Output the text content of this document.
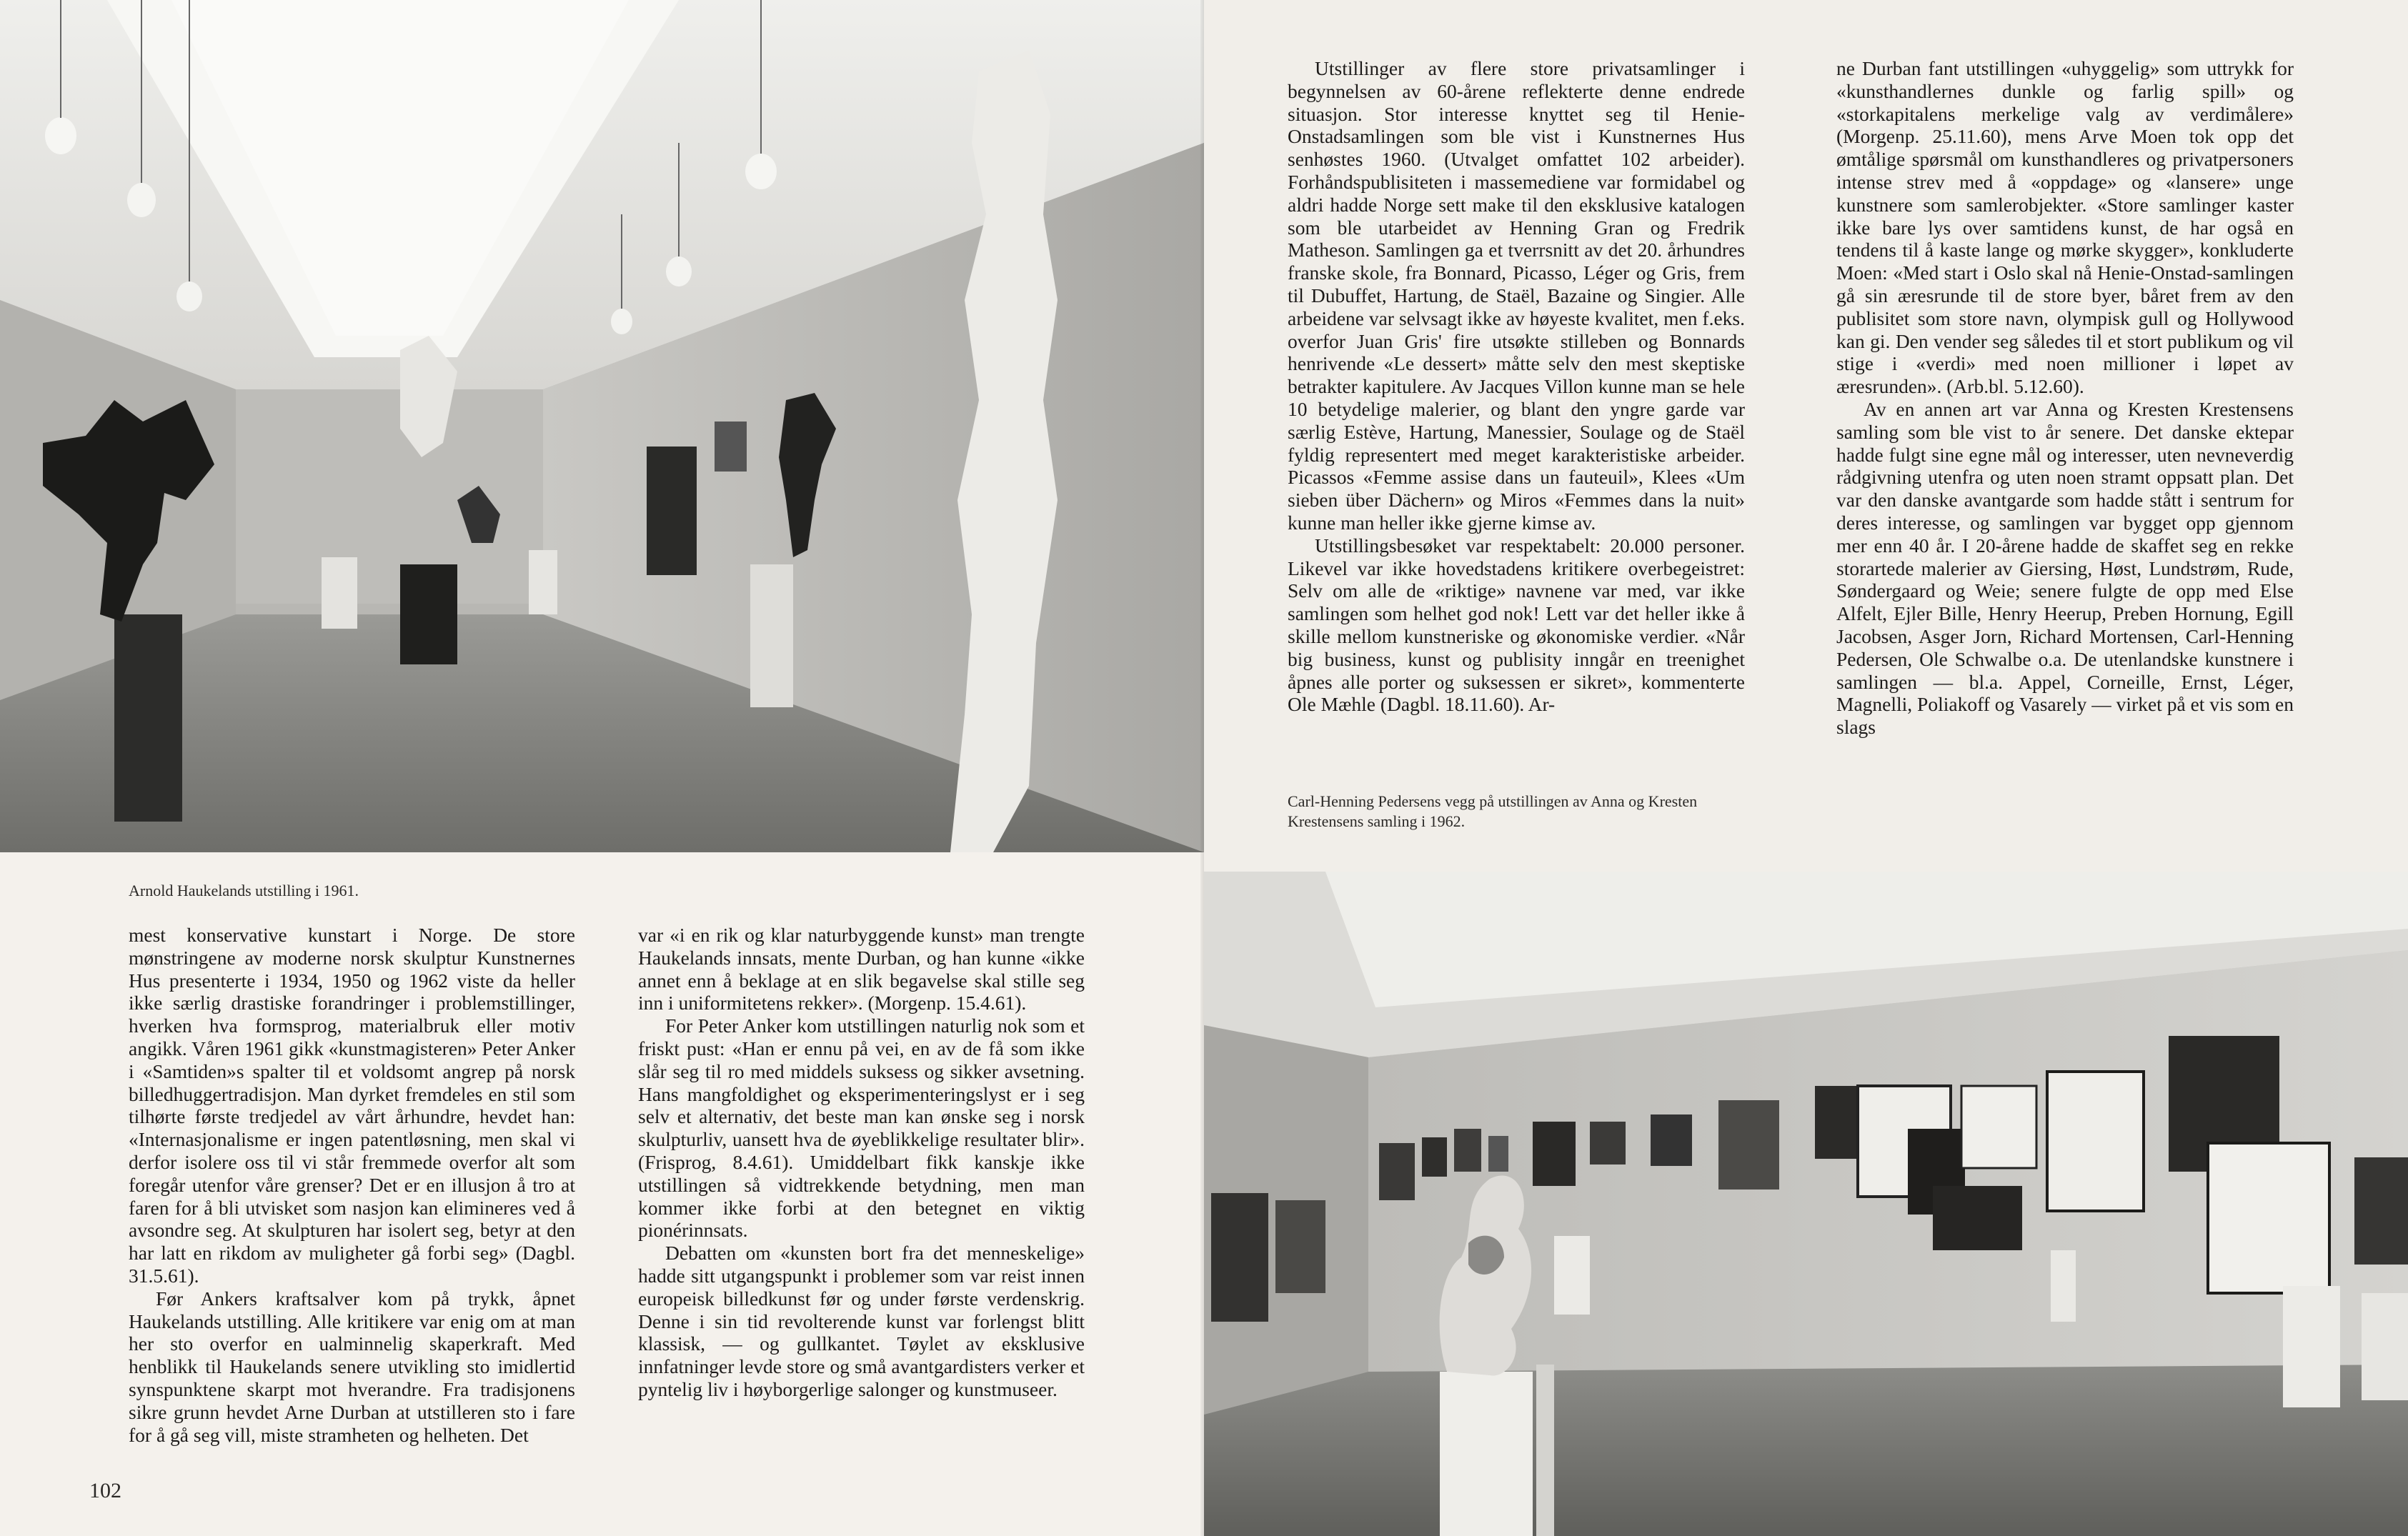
Arnold Haukelands utstilling i 1961.

mest konservative kunstart i Norge. De store mønstringene av moderne norsk skulptur Kunstnernes Hus presenterte i 1934, 1950 og 1962 viste da heller ikke særlig drastiske forandringer i problemstillinger, hverken hva formsprog, materialbruk eller motiv angikk. Våren 1961 gikk «kunstmagisteren» Peter Anker i «Samtiden»s spalter til et voldsomt angrep på norsk billedhuggertradisjon. Man dyrket fremdeles en stil som tilhørte første tredjedel av vårt århundre, hevdet han: «Internasjonalisme er ingen patentløsning, men skal vi derfor isolere oss til vi står fremmede overfor alt som foregår utenfor våre grenser? Det er en illusjon å tro at faren for å bli utvisket som nasjon kan elimineres ved å avsondre seg. At skulpturen har isolert seg, betyr at den har latt en rikdom av muligheter gå forbi seg» (Dagbl. 31.5.61).

Før Ankers kraftsalver kom på trykk, åpnet Haukelands utstilling. Alle kritikere var enig om at man her sto overfor en ualminnelig skaperkraft. Med henblikk til Haukelands senere utvikling sto imidlertid synspunktene skarpt mot hverandre. Fra tradisjonens sikre grunn hevdet Arne Durban at utstilleren sto i fare for å gå seg vill, miste stramheten og helheten. Det

var «i en rik og klar naturbyggende kunst» man trengte Haukelands innsats, mente Durban, og han kunne «ikke annet enn å beklage at en slik begavelse skal stille seg inn i uniformitetens rekker». (Morgenp. 15.4.61).

For Peter Anker kom utstillingen naturlig nok som et friskt pust: «Han er ennu på vei, en av de få som ikke slår seg til ro med middels suksess og sikker avsetning. Hans mangfoldighet og eksperimenteringslyst er i seg selv et alternativ, det beste man kan ønske seg i norsk skulpturliv, uansett hva de øyeblikkelige resultater blir». (Frisprog, 8.4.61). Umiddelbart fikk kanskje ikke utstillingen så vidtrekkende betydning, men man kommer ikke forbi at den betegnet en viktig pionérinnsats.

Debatten om «kunsten bort fra det menneskelige» hadde sitt utgangspunkt i problemer som var reist innen europeisk billedkunst før og under første verdenskrig. Denne i sin tid revolterende kunst var forlengst blitt klassisk, — og gullkantet. Tøylet av eksklusive innfatninger levde store og små avantgardisters verker et pyntelig liv i høyborgerlige salonger og kunstmuseer.

102

Utstillinger av flere store privatsamlinger i begynnelsen av 60-årene reflekterte denne endrede situasjon. Stor interesse knyttet seg til Henie-Onstadsamlingen som ble vist i Kunstnernes Hus senhøstes 1960. (Utvalget omfattet 102 arbeider). Forhåndspublisiteten i massemediene var formidabel og aldri hadde Norge sett make til den eksklusive katalogen som ble utarbeidet av Henning Gran og Fredrik Matheson. Samlingen ga et tverrsnitt av det 20. århundres franske skole, fra Bonnard, Picasso, Léger og Gris, frem til Dubuffet, Hartung, de Staël, Bazaine og Singier. Alle arbeidene var selvsagt ikke av høyeste kvalitet, men f.eks. overfor Juan Gris' fire utsøkte stilleben og Bonnards henrivende «Le dessert» måtte selv den mest skeptiske betrakter kapitulere. Av Jacques Villon kunne man se hele 10 betydelige malerier, og blant den yngre garde var særlig Estève, Hartung, Manessier, Soulage og de Staël fyldig representert med meget karakteristiske arbeider. Picassos «Femme assise dans un fauteuil», Klees «Um sieben über Dächern» og Miros «Femmes dans la nuit» kunne man heller ikke gjerne kimse av.

Utstillingsbesøket var respektabelt: 20.000 personer. Likevel var ikke hovedstadens kritikere overbegeistret: Selv om alle de «riktige» navnene var med, var ikke samlingen som helhet god nok! Lett var det heller ikke å skille mellom kunstneriske og økonomiske verdier. «Når big business, kunst og publisity inngår en treenighet åpnes alle porter og suksessen er sikret», kommenterte Ole Mæhle (Dagbl. 18.11.60). Ar-

ne Durban fant utstillingen «uhyggelig» som uttrykk for «kunsthandlernes dunkle og farlig spill» og «storkapitalens merkelige valg av verdimålere» (Morgenp. 25.11.60), mens Arve Moen tok opp det ømtålige spørsmål om kunsthandleres og privatpersoners intense strev med å «oppdage» og «lansere» unge kunstnere som samlerobjekter. «Store samlinger kaster ikke bare lys over samtidens kunst, de har også en tendens til å kaste lange og mørke skygger», konkluderte Moen: «Med start i Oslo skal nå Henie-Onstad-samlingen gå sin æresrunde til de store byer, båret frem av den publisitet som store navn, olympisk gull og Hollywood kan gi. Den vender seg således til et stort publikum og vil stige i «verdi» med noen millioner i løpet av æresrunden». (Arb.bl. 5.12.60).

Av en annen art var Anna og Kresten Krestensens samling som ble vist to år senere. Det danske ektepar hadde fulgt sine egne mål og interesser, uten nevneverdig rådgivning utenfra og uten noen stramt oppsatt plan. Det var den danske avantgarde som hadde stått i sentrum for deres interesse, og samlingen var bygget opp gjennom mer enn 40 år. I 20-årene hadde de skaffet seg en rekke storartede malerier av Giersing, Høst, Lundstrøm, Rude, Søndergaard og Weie; senere fulgte de opp med Else Alfelt, Ejler Bille, Henry Heerup, Preben Hornung, Egill Jacobsen, Asger Jorn, Richard Mortensen, Carl-Henning Pedersen, Ole Schwalbe o.a. De utenlandske kunstnere i samlingen — bl.a. Appel, Corneille, Ernst, Léger, Magnelli, Poliakoff og Vasarely — virket på et vis som en slags

Carl-Henning Pedersens vegg på utstillingen av Anna og Kresten
Krestensens samling i 1962.
